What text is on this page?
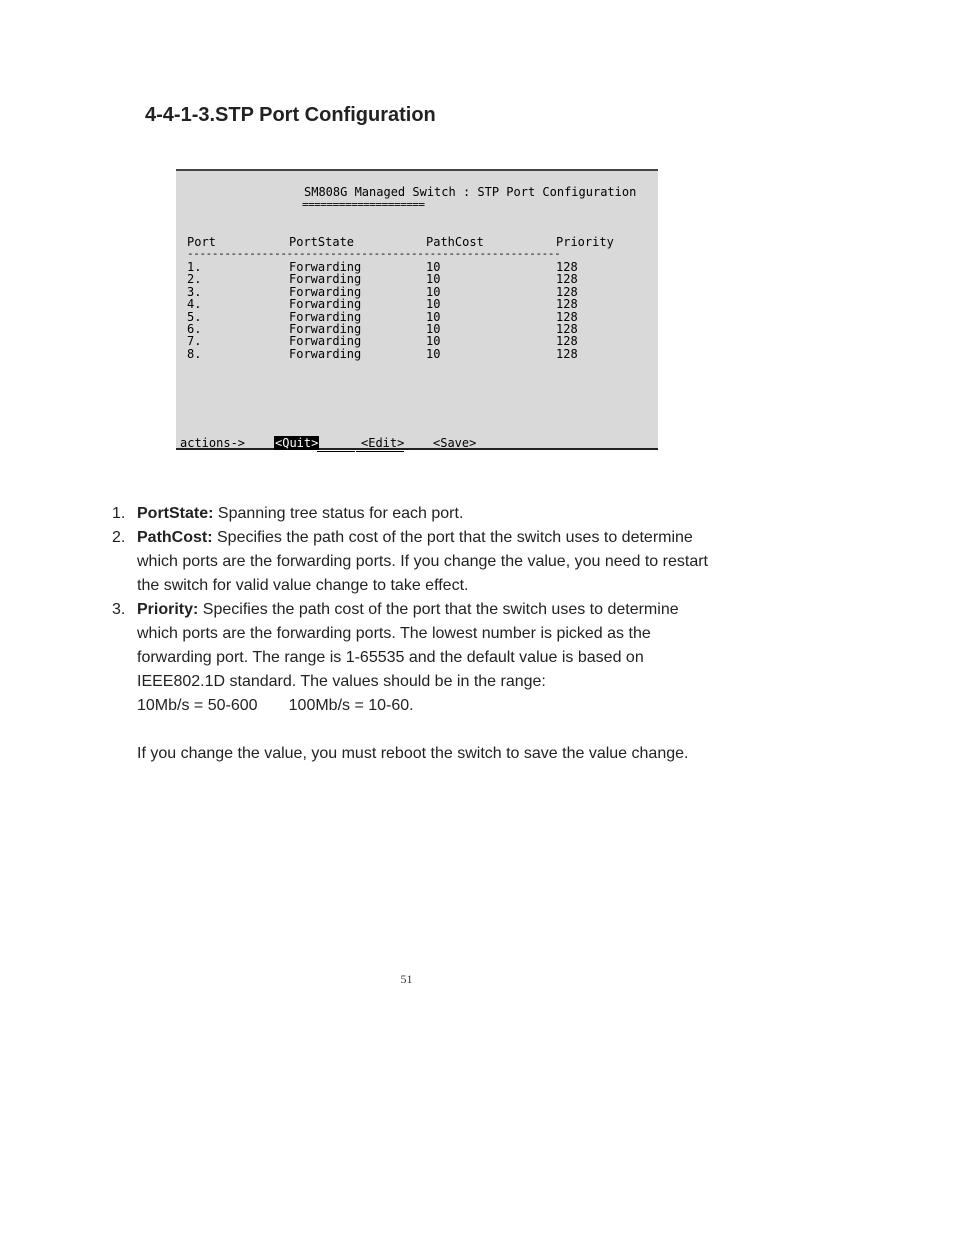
4-4-1-3.STP Port Configuration
SM808G Managed Switch : STP Port Configuration
====================
Port	PortState	PathCost	Priority
------------------------------------------------------------
1.	Forwarding	10	128
2.	Forwarding	10	128
3.	Forwarding	10	128
4.	Forwarding	10	128
5.	Forwarding	10	128
6.	Forwarding	10	128
7.	Forwarding	10	128
8.	Forwarding	10	128
actions-> <Quit>	<Edit> <Save>
1. PortState: Spanning tree status for each port.
2. PathCost: Specifies the path cost of the port that the switch uses to determine which ports are the forwarding ports. If you change the value, you need to restart the switch for valid value change to take effect.
3. Priority: Specifies the path cost of the port that the switch uses to determine which ports are the forwarding ports. The lowest number is picked as the forwarding port. The range is 1-65535 and the default value is based on IEEE802.1D standard. The values should be in the range:
10Mb/s = 50-600       100Mb/s = 10-60.
If you change the value, you must reboot the switch to save the value change.
51
